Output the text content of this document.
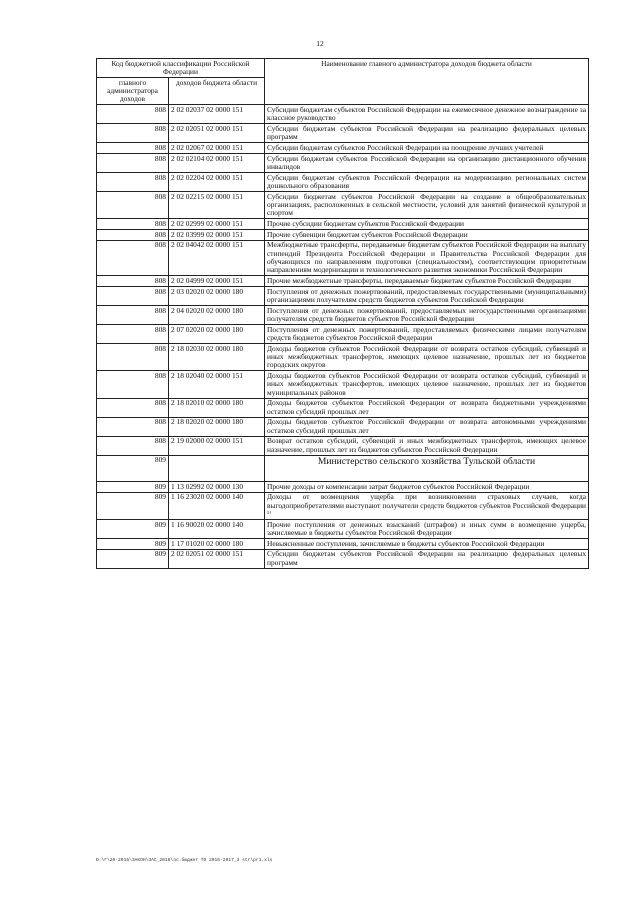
12
Код бюджетной классификации Российской Федерации		Наименование главного администратора доходов бюджета области
главного администратора доходов	доходов бюджета области	
808	2 02 02037 02 0000 151	Субсидии бюджетам субъектов Российской Федерации на ежемесячное денежное вознаграждение за классное руководство
808	2 02 02051 02 0000 151	Субсидии бюджетам субъектов Российской Федерации на реализацию федеральных целевых программ
808	2 02 02067 02 0000 151	Субсидии бюджетам субъектов Российской Федерации на поощрение лучших учителей
808	2 02 02104 02 0000 151	Субсидии бюджетам субъектов Российской Федерации на организацию дистанционного обучения инвалидов
808	2 02 02204 02 0000 151	Субсидии бюджетам субъектов Российской Федерации на модернизацию региональных систем дошкольного образования
808	2 02 02215 02 0000 151	Субсидии бюджетам субъектов Российской Федерации на создание в общеобразовательных организациях, расположенных в сельской местности, условий для занятий физической культурой и спортом
808	2 02 02999 02 0000 151	Прочие субсидии бюджетам субъектов Российской Федерации
808	2 02 03999 02 0000 151	Прочие субвенции бюджетам субъектов Российской Федерации
808	2 02 04042 02 0000 151	Межбюджетные трансферты, передаваемые бюджетам субъектов Российской Федерации на выплату стипендий Президента Российской Федерации и Правительства Российской Федерации для обучающихся по направлениям подготовки (специальностям), соответствующим приоритетным направлениям модернизации и технологического развития экономики Российской Федерации
808	2 02 04999 02 0000 151	Прочие межбюджетные трансферты, передаваемые бюджетам субъектов Российской Федерации
808	2 03 02020 02 0000 180	Поступления от денежных пожертвований, предоставляемых государственными (муниципальными) организациями получателям средств бюджетов субъектов Российской Федерации
808	2 04 02020 02 0000 180	Поступления от денежных пожертвований, предоставляемых негосударственными организациями получателям средств бюджетов субъектов Российской Федерации
808	2 07 02020 02 0000 180	Поступления от денежных пожертвований, предоставляемых физическими лицами получателям средств бюджетов субъектов Российской Федерации
808	2 18 02030 02 0000 180	Доходы бюджетов субъектов Российской Федерации от возврата остатков субсидий, субвенций и иных межбюджетных трансфертов, имеющих целевое назначение, прошлых лет из бюджетов городских округов
808	2 18 02040 02 0000 151	Доходы бюджетов субъектов Российской Федерации от возврата остатков субсидий, субвенций и иных межбюджетных трансфертов, имеющих целевое назначение, прошлых лет из бюджетов муниципальных районов
808	2 18 02010 02 0000 180	Доходы бюджетов субъектов Российской Федерации от возврата бюджетными учреждениями остатков субсидий прошлых лет
808	2 18 02020 02 0000 180	Доходы бюджетов субъектов Российской Федерации от возврата автономными учреждениями остатков субсидий прошлых лет
808	2 19 02000 02 0000 151	Возврат остатков субсидий, субвенций и иных межбюджетных трансфертов, имеющих целевое назначение, прошлых лет из бюджетов субъектов Российской Федерации
809		Министерство сельского хозяйства Тульской области
809	1 13 02992 02 0000 130	Прочие доходы от компенсации затрат бюджетов субъектов Российской Федерации
809	1 16 23020 02 0000 140	Доходы от возмещения ущерба при возникновении страховых случаев, когда выгодоприобретателями выступают получатели средств бюджетов субъектов Российской Федерации ¹⁾
809	1 16 90020 02 0000 140	Прочие поступления от денежных взысканий (штрафов) и иных сумм в возмещение ущерба, зачисляемые в бюджеты субъектов Российской Федерации
809	1 17 01020 02 0000 180	Невыясненные поступления, зачисляемые в бюджеты субъектов Российской Федерации
809	2 02 02051 02 0000 151	Субсидии бюджетам субъектов Российской Федерации на реализацию федеральных целевых программ
D:\Г\20-2015\ЗАКОН\ЗАС_2016\зс.бюджет ТО 2015-2017_3 str\pr1.xls
